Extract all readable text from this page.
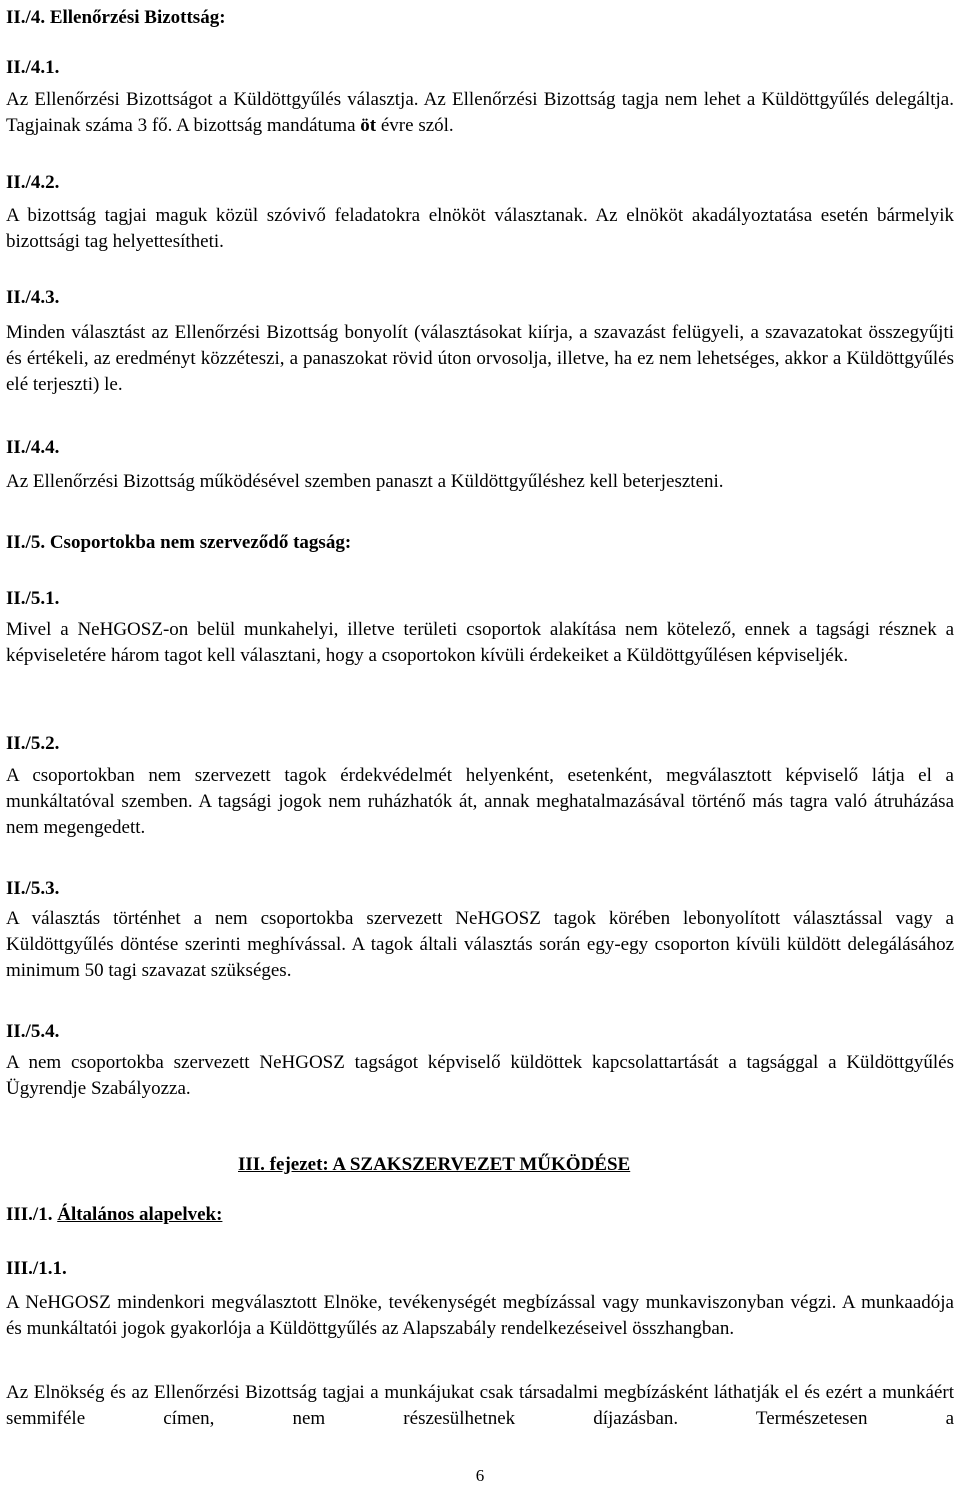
II./4. Ellenőrzési Bizottság:

II./4.1.

Az Ellenőrzési Bizottságot a Küldöttgyűlés választja. Az Ellenőrzési Bizottság tagja nem lehet a Küldöttgyűlés delegáltja. Tagjainak száma 3 fő. A bizottság mandátuma öt évre szól.

II./4.2.

A bizottság tagjai maguk közül szóvivő feladatokra elnököt választanak. Az elnököt akadályoztatása esetén bármelyik bizottsági tag helyettesítheti.

II./4.3.

Minden választást az Ellenőrzési Bizottság bonyolít (választásokat kiírja, a szavazást felügyeli, a szavazatokat összegyűjti és értékeli, az eredményt közzéteszi, a panaszokat rövid úton orvosolja, illetve, ha ez nem lehetséges, akkor a Küldöttgyűlés elé terjeszti) le.

II./4.4.

Az Ellenőrzési Bizottság működésével szemben panaszt a Küldöttgyűléshez kell beterjeszteni.

II./5. Csoportokba nem szerveződő tagság:

II./5.1.

Mivel a NeHGOSZ-on belül munkahelyi, illetve területi csoportok alakítása nem kötelező, ennek a tagsági résznek a képviseletére három tagot kell választani, hogy a csoportokon kívüli érdekeiket a Küldöttgyűlésen képviseljék.

II./5.2.

A csoportokban nem szervezett tagok érdekvédelmét helyenként, esetenként, megválasztott képviselő látja el a munkáltatóval szemben. A tagsági jogok nem ruházhatók át, annak meghatalmazásával történő más tagra való átruházása nem megengedett.

II./5.3.

A választás történhet a nem csoportokba szervezett NeHGOSZ tagok körében lebonyolított választással vagy a Küldöttgyűlés döntése szerinti meghívással. A tagok általi választás során egy-egy csoporton kívüli küldött delegálásához minimum 50 tagi szavazat szükséges.

II./5.4.

A nem csoportokba szervezett NeHGOSZ tagságot képviselő küldöttek kapcsolattartását a tagsággal a Küldöttgyűlés Ügyrendje Szabályozza.

III. fejezet: A SZAKSZERVEZET MŰKÖDÉSE

III./1. Általános alapelvek:

III./1.1.

A NeHGOSZ mindenkori megválasztott Elnöke, tevékenységét megbízással vagy munkaviszonyban végzi. A munkaadója és munkáltatói jogok gyakorlója a Küldöttgyűlés az Alapszabály rendelkezéseivel összhangban.

Az Elnökség és az Ellenőrzési Bizottság tagjai a munkájukat csak társadalmi megbízásként láthatják el és ezért a munkáért semmiféle címen, nem részesülhetnek díjazásban. Természetesen a

6
